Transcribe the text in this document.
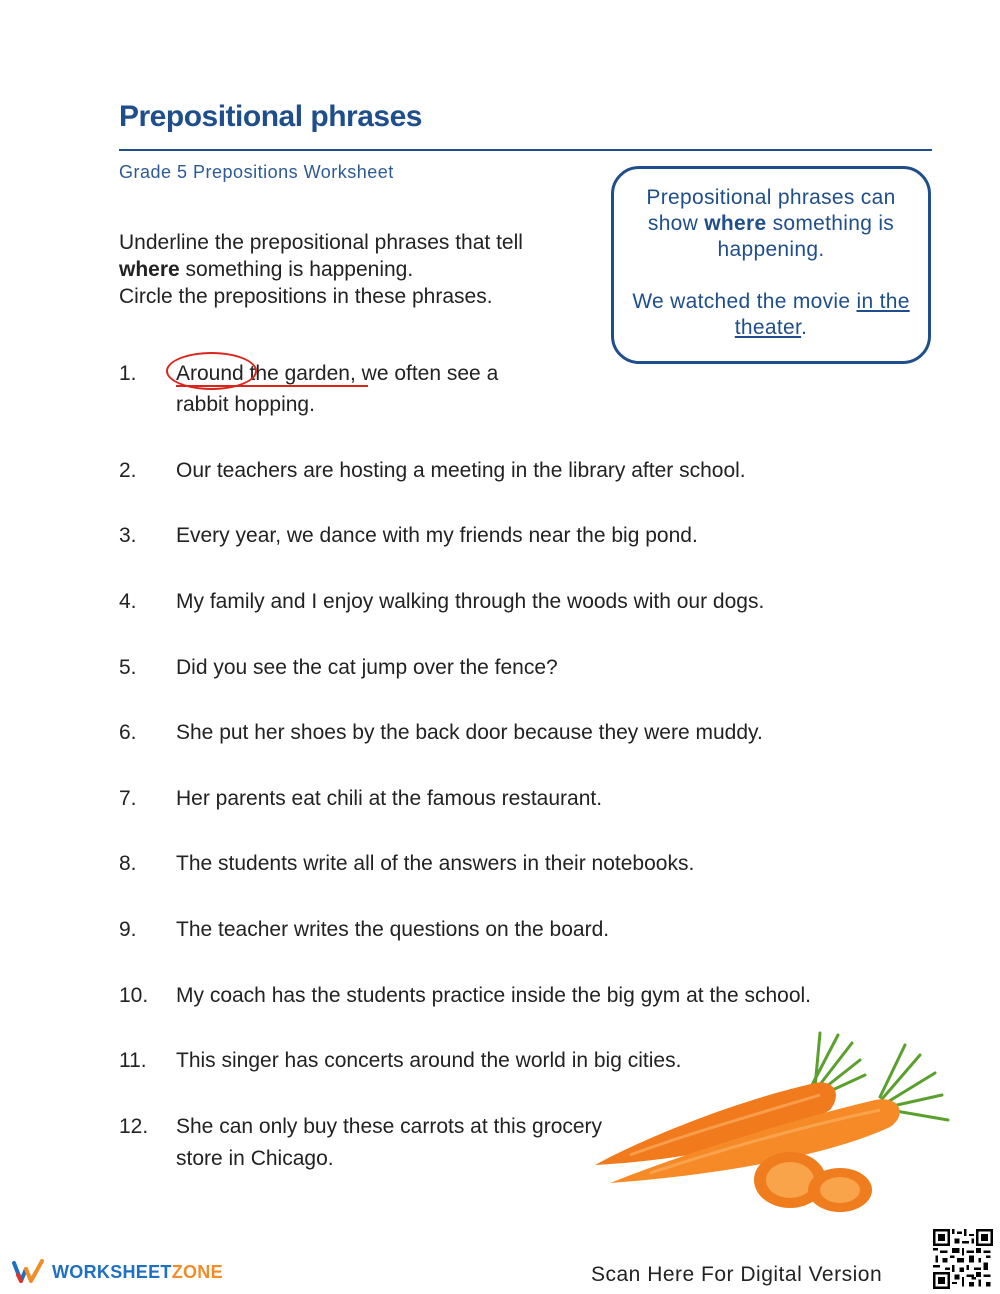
Prepositional phrases
Grade 5 Prepositions Worksheet
Underline the prepositional phrases that tell
where something is happening.
Circle the prepositions in these phrases.
Prepositional phrases can show where something is happening.
We watched the movie in the theater.
1.	Around the garden, we often see a
rabbit hopping.
2.	Our teachers are hosting a meeting in the library after school.
3.	Every year, we dance with my friends near the big pond.
4.	My family and I enjoy walking through the woods with our dogs.
5.	Did you see the cat jump over the fence?
6.	She put her shoes by the back door because they were muddy.
7.	Her parents eat chili at the famous restaurant.
8.	The students write all of the answers in their notebooks.
9.	The teacher writes the questions on the board.
10.	My coach has the students practice inside the big gym at the school.
11.	This singer has concerts around the world in big cities.
12.	She can only buy these carrots at this grocery
store in Chicago.
WORKSHEETZONE	Scan Here For Digital Version
